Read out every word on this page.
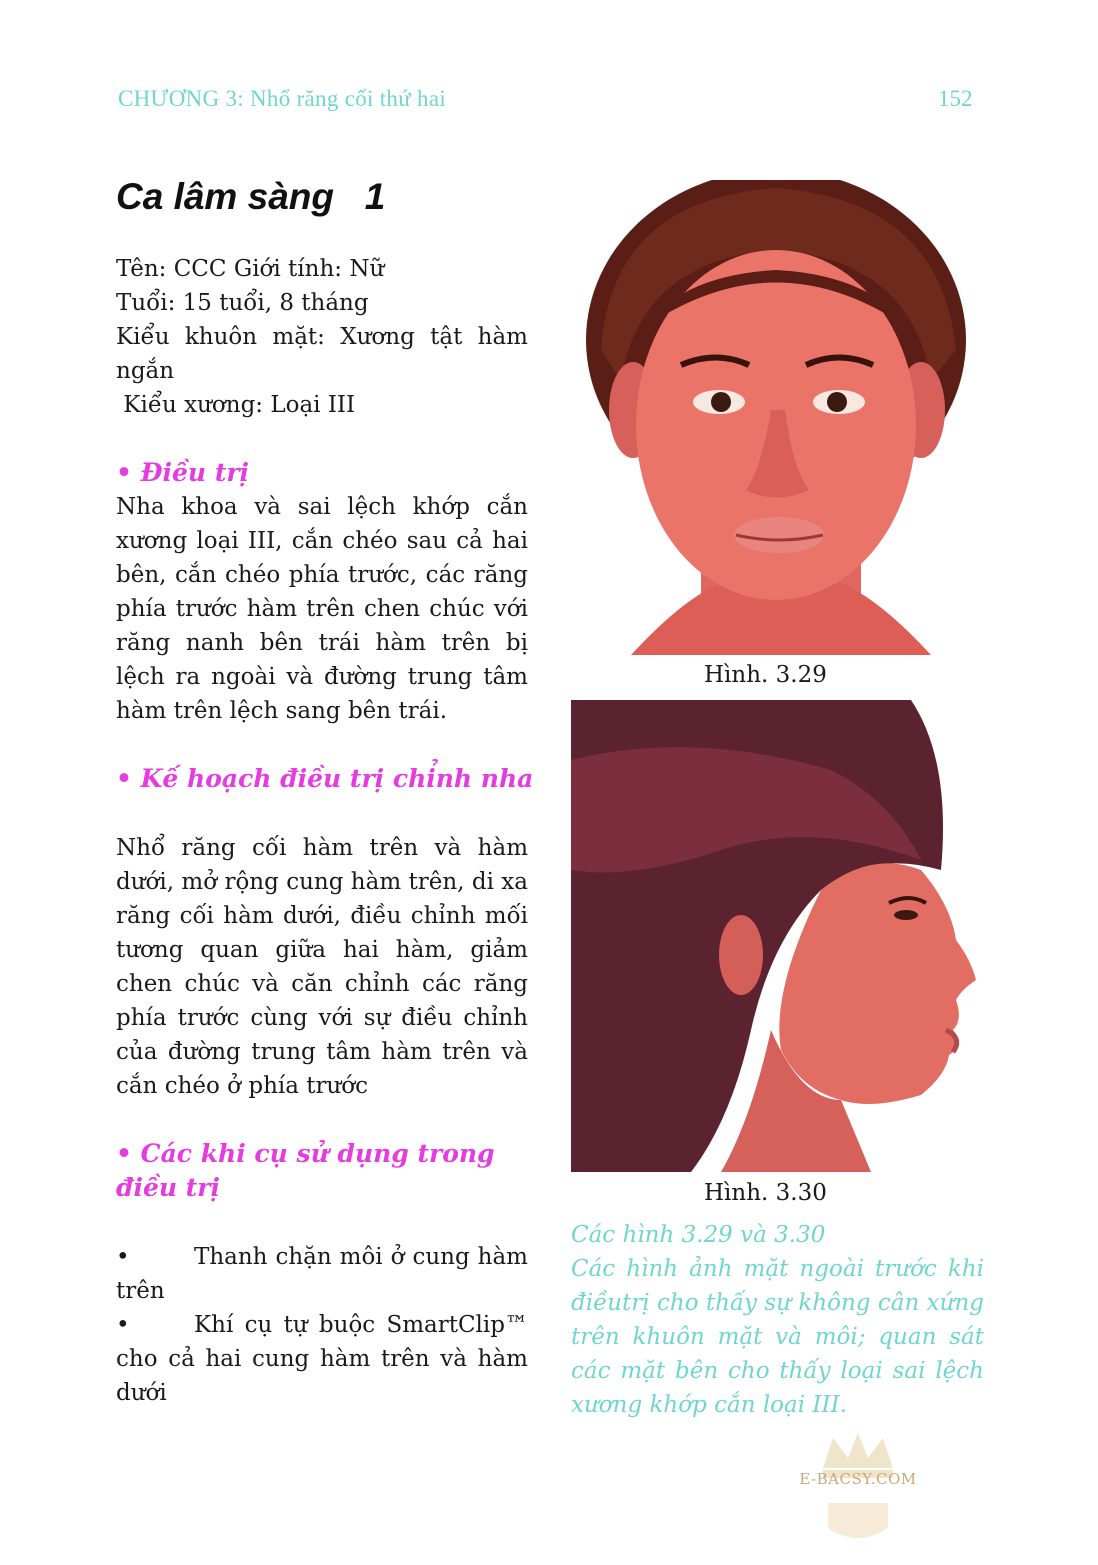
CHƯƠNG 3: Nhổ răng cối thứ hai	152
Ca lâm sàng   1
Tên: CCC Giới tính: Nữ
Tuổi: 15 tuổi, 8 tháng
Kiểu khuôn mặt: Xương tật hàm ngắn
Kiểu xương: Loại III
• Điều trị
Nha khoa và sai lệch khớp cắn xương loại III, cắn chéo sau cả hai bên, cắn chéo phía trước, các răng phía trước hàm trên chen chúc với răng nanh bên trái hàm trên bị lệch ra ngoài và đường trung tâm hàm trên lệch sang bên trái.
• Kế hoạch điều trị chỉnh nha
Nhổ răng cối hàm trên và hàm dưới, mở rộng cung hàm trên, di xa răng cối hàm dưới, điều chỉnh mối tương quan giữa hai hàm, giảm chen chúc và căn chỉnh các răng phía trước cùng với sự điều chỉnh của đường trung tâm hàm trên và cắn chéo ở phía trước
• Các khi cụ sử dụng trong điều trị
•	Thanh chặn môi ở cung hàm trên
•	Khí cụ tự buộc SmartClip™ cho cả hai cung hàm trên và hàm dưới
Hình. 3.29
Hình. 3.30
Các hình 3.29 và 3.30
Các hình ảnh mặt ngoài trước khi điềutrị cho thấy sự không cân xứng trên khuôn mặt và môi; quan sát các mặt bên cho thấy loại sai lệch xương khớp cắn loại III.
E-BACSY.COM
